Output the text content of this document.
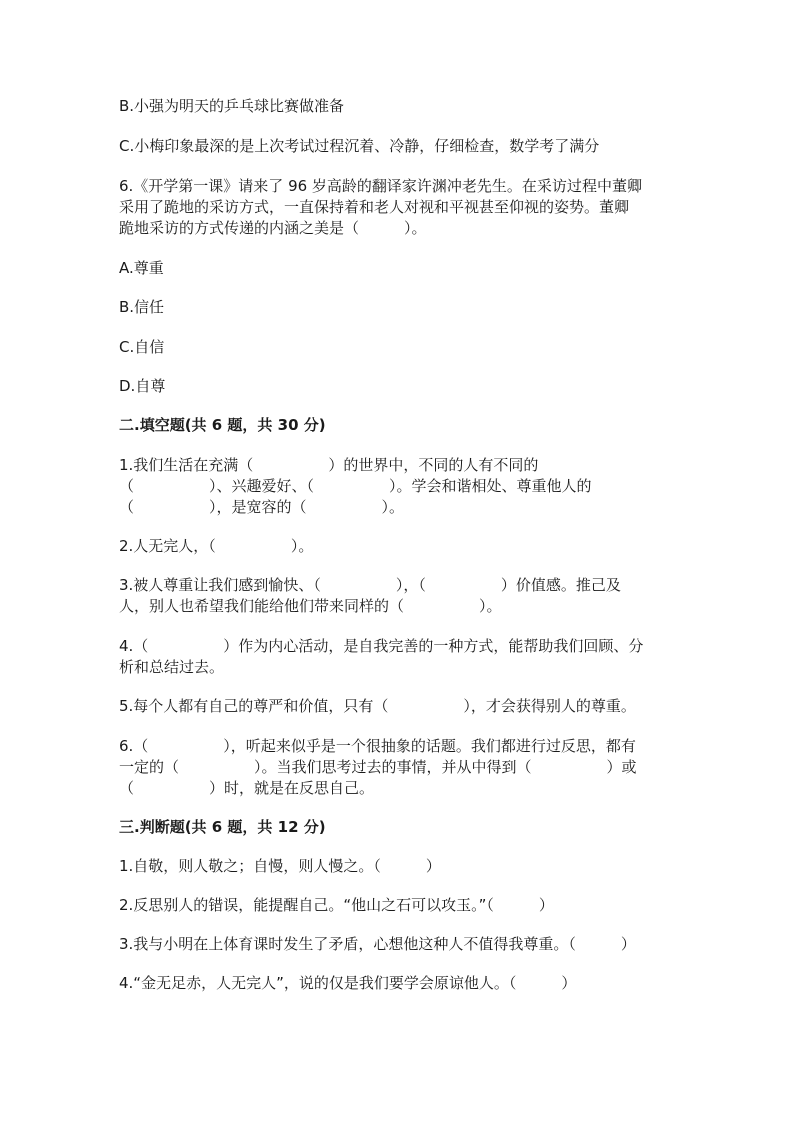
B.小强为明天的乒乓球比赛做准备
C.小梅印象最深的是上次考试过程沉着、冷静，仔细检查，数学考了满分
6.《开学第一课》请来了 96 岁高龄的翻译家许渊冲老先生。在采访过程中董卿
采用了跪地的采访方式，一直保持着和老人对视和平视甚至仰视的姿势。董卿
跪地采访的方式传递的内涵之美是（　　　）。
A.尊重
B.信任
C.自信
D.自尊
二.填空题(共 6 题，共 30 分)
1.我们生活在充满（　　　　　）的世界中，不同的人有不同的
（　　　　　）、兴趣爱好、（　　　　　）。学会和谐相处、尊重他人的
（　　　　　），是宽容的（　　　　　）。
2.人无完人，（　　　　　）。
3.被人尊重让我们感到愉快、（　　　　　），（　　　　　）价值感。推己及
人，别人也希望我们能给他们带来同样的（　　　　　）。
4.（　　　　　）作为内心活动，是自我完善的一种方式，能帮助我们回顾、分
析和总结过去。
5.每个人都有自己的尊严和价值，只有（　　　　　），才会获得别人的尊重。
6.（　　　　　），听起来似乎是一个很抽象的话题。我们都进行过反思，都有
一定的（　　　　　）。当我们思考过去的事情，并从中得到（　　　　　）或
（　　　　　）时，就是在反思自己。
三.判断题(共 6 题，共 12 分)
1.自敬，则人敬之；自慢，则人慢之。（　　　）
2.反思别人的错误，能提醒自己。“他山之石可以攻玉。”（　　　）
3.我与小明在上体育课时发生了矛盾，心想他这种人不值得我尊重。（　　　）
4.“金无足赤，人无完人”，说的仅是我们要学会原谅他人。（　　　）
